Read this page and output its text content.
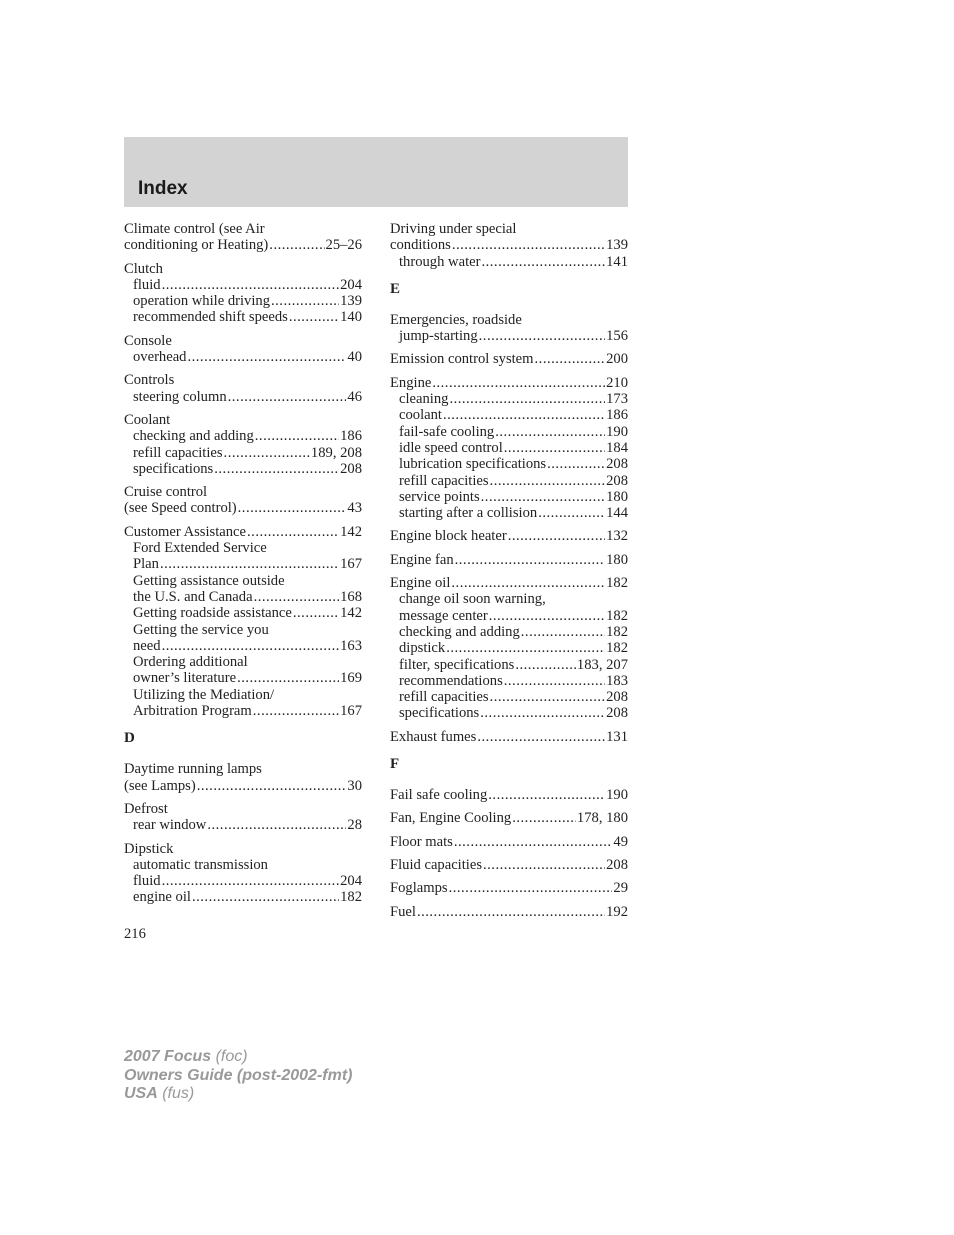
Index
Climate control (see Air
conditioning or Heating) .....	25–26
Clutch
fluid .....	204
operation while driving .....	139
recommended shift speeds .....	140
Console
overhead .....	40
Controls
steering column .....	46
Coolant
checking and adding .....	186
refill capacities .....	189, 208
specifications .....	208
Cruise control
(see Speed control) .....	43
Customer Assistance .....	142
Ford Extended Service
Plan .....	167
Getting assistance outside
the U.S. and Canada .....	168
Getting roadside assistance .....	142
Getting the service you
need .....	163
Ordering additional
owner’s literature .....	169
Utilizing the Mediation/
Arbitration Program .....	167
D
Daytime running lamps
(see Lamps) .....	30
Defrost
rear window .....	28
Dipstick
automatic transmission
fluid .....	204
engine oil .....	182
Driving under special
conditions .....	139
through water .....	141
E
Emergencies, roadside
jump-starting .....	156
Emission control system .....	200
Engine .....	210
cleaning .....	173
coolant .....	186
fail-safe cooling .....	190
idle speed control .....	184
lubrication specifications .....	208
refill capacities .....	208
service points .....	180
starting after a collision .....	144
Engine block heater .....	132
Engine fan .....	180
Engine oil .....	182
change oil soon warning,
message center .....	182
checking and adding .....	182
dipstick .....	182
filter, specifications .....	183, 207
recommendations .....	183
refill capacities .....	208
specifications .....	208
Exhaust fumes .....	131
F
Fail safe cooling .....	190
Fan, Engine Cooling .....	178, 180
Floor mats .....	49
Fluid capacities .....	208
Foglamps .....	29
Fuel .....	192
216
2007 Focus (foc)
Owners Guide (post-2002-fmt)
USA (fus)
